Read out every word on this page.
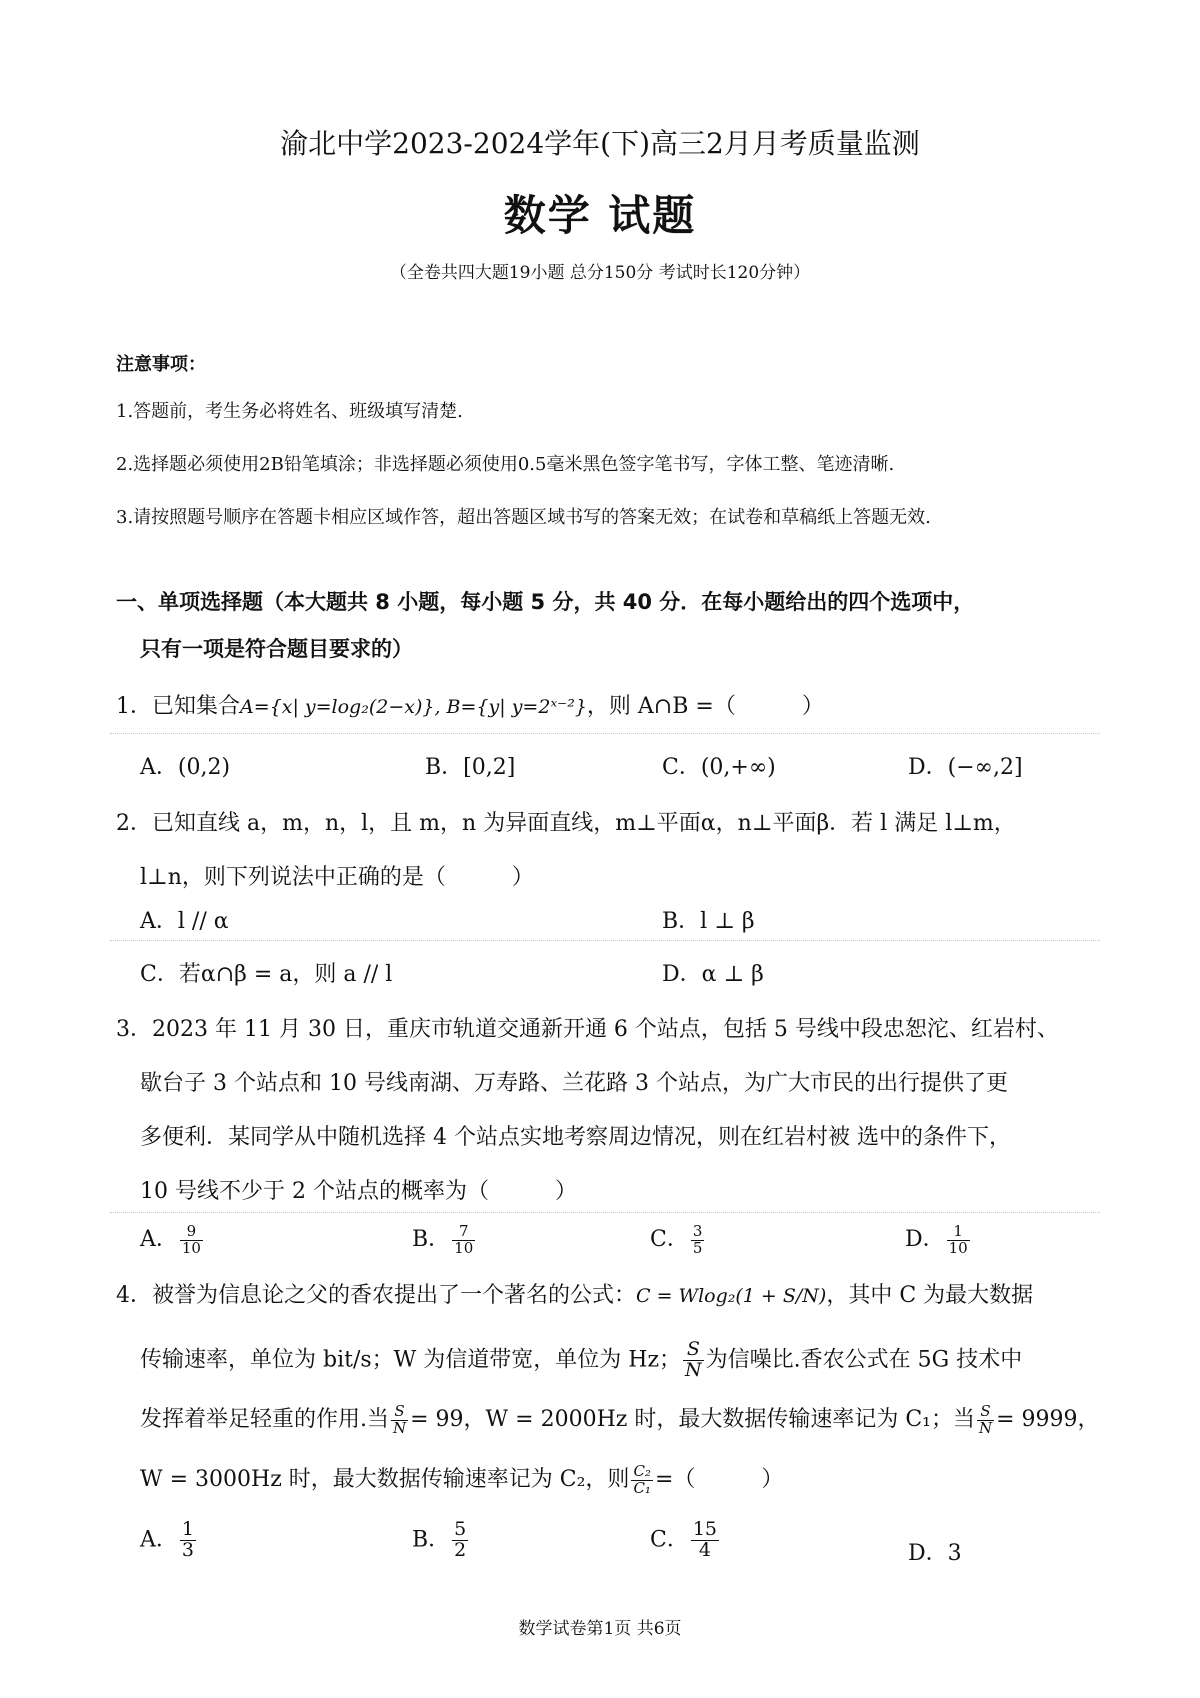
渝北中学2023-2024学年(下)高三2月月考质量监测
数学 试题
（全卷共四大题19小题 总分150分 考试时长120分钟）
注意事项：
1.答题前，考生务必将姓名、班级填写清楚.
2.选择题必须使用2B铅笔填涂；非选择题必须使用0.5毫米黑色签字笔书写，字体工整、笔迹清晰.
3.请按照题号顺序在答题卡相应区域作答，超出答题区域书写的答案无效；在试卷和草稿纸上答题无效.
一、单项选择题（本大题共 8 小题，每小题 5 分，共 40 分．在每小题给出的四个选项中，
只有一项是符合题目要求的）
1．已知集合A={x| y=log₂(2−x)}, B={y| y=2ˣ⁻²}，则 A∩B =（　　　）
A．(0,2)	B．[0,2]	C．(0,+∞)	D．(−∞,2]
2．已知直线 a，m，n，l，且 m，n 为异面直线，m⊥平面α，n⊥平面β．若 l 满足 l⊥m，
l⊥n，则下列说法中正确的是（　　　）
A．l // α	B．l ⊥ β
C．若α∩β = a，则 a // l	D．α ⊥ β
3．2023 年 11 月 30 日，重庆市轨道交通新开通 6 个站点，包括 5 号线中段忠恕沱、红岩村、
歇台子 3 个站点和 10 号线南湖、万寿路、兰花路 3 个站点，为广大市民的出行提供了更
多便利．某同学从中随机选择 4 个站点实地考察周边情况，则在红岩村被 选中的条件下，
10 号线不少于 2 个站点的概率为（　　　）
A． $\frac{9}{10}$	B． $\frac{7}{10}$	C． $\frac{3}{5}$	D． $\frac{1}{10}$
4．被誉为信息论之父的香农提出了一个著名的公式：C = Wlog₂(1 + S/N)，其中 C 为最大数据
传输速率，单位为 bit/s；W 为信道带宽，单位为 Hz； $\frac{S}{N}$ 为信噪比.香农公式在 5G 技术中
发挥着举足轻重的作用.当 $\frac{S}{N} = 99$，W = 2000Hz 时，最大数据传输速率记为 C₁；当 $\frac{S}{N} = 9999$，
W = 3000Hz 时，最大数据传输速率记为 C₂，则 $\frac{\text{C₂}}{\text{C₁}}$ =（　　　）
A． $\frac{1}{3}$	B． $\frac{5}{2}$	C． $\frac{15}{4}$	D．3
数学试卷第1页 共6页
